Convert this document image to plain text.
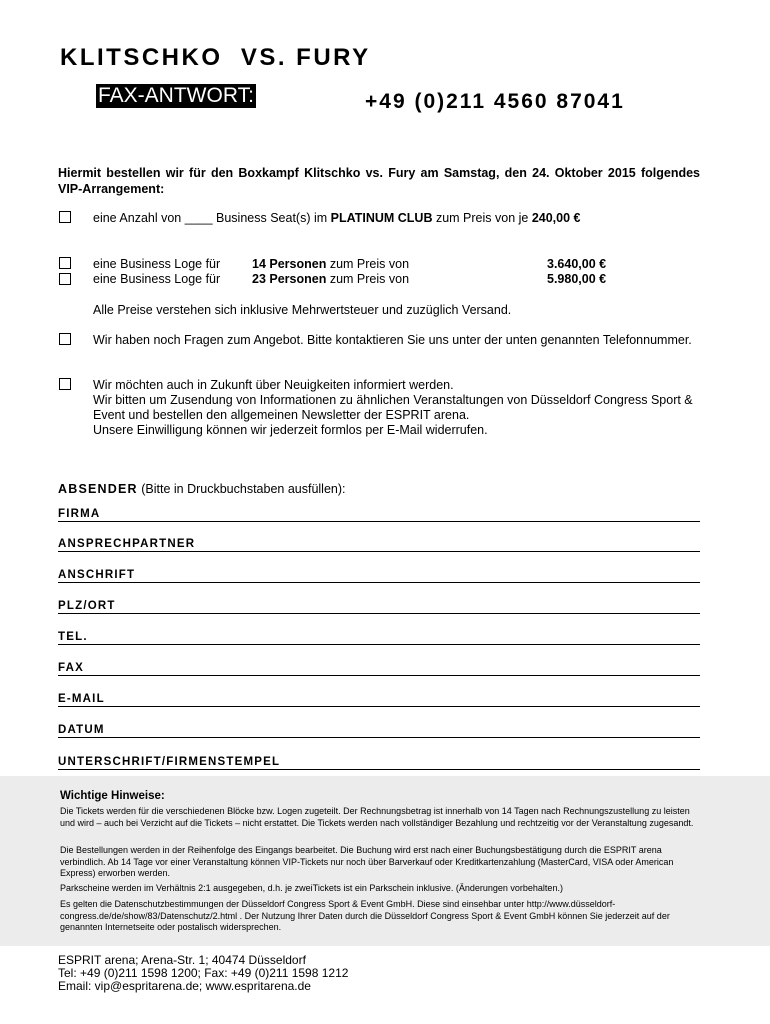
KLITSCHKO  VS. FURY
FAX-ANTWORT:	+49 (0)211 4560 87041
Hiermit bestellen wir für den Boxkampf Klitschko vs. Fury am Samstag, den 24. Oktober 2015 folgendes VIP-Arrangement:
eine Anzahl von ____ Business Seat(s) im PLATINUM CLUB zum Preis von je 240,00 €
eine Business Loge für	14 Personen zum Preis von	3.640,00 €
eine Business Loge für	23 Personen zum Preis von	5.980,00 €
Alle Preise verstehen sich inklusive Mehrwertsteuer und zuzüglich Versand.
Wir haben noch Fragen zum Angebot. Bitte kontaktieren Sie uns unter der unten genannten Telefonnummer.
Wir möchten auch in Zukunft über Neuigkeiten informiert werden.
Wir bitten um Zusendung von Informationen zu ähnlichen Veranstaltungen von Düsseldorf Congress Sport & Event und bestellen den allgemeinen Newsletter der ESPRIT arena.
Unsere Einwilligung können wir jederzeit formlos per E-Mail widerrufen.
ABSENDER (Bitte in Druckbuchstaben ausfüllen):
FIRMA
ANSPRECHPARTNER
ANSCHRIFT
PLZ/ORT
TEL.
FAX
E-MAIL
DATUM
UNTERSCHRIFT/FIRMENSTEMPEL
Wichtige Hinweise:
Die Tickets werden für die verschiedenen Blöcke bzw. Logen zugeteilt. Der Rechnungsbetrag ist innerhalb von 14 Tagen nach Rechnungszustellung zu leisten und wird – auch bei Verzicht auf die Tickets – nicht erstattet. Die Tickets werden nach vollständiger Bezahlung und rechtzeitig vor der Veranstaltung zugesandt.
Die Bestellungen werden in der Reihenfolge des Eingangs bearbeitet. Die Buchung wird erst nach einer Buchungsbestätigung durch die ESPRIT arena verbindlich. Ab 14 Tage vor einer Veranstaltung können VIP-Tickets nur noch über Barverkauf oder Kreditkartenzahlung (MasterCard, VISA oder American Express) erworben werden.
Parkscheine werden im Verhältnis 2:1 ausgegeben, d.h. je zweiTickets ist ein Parkschein inklusive. (Änderungen vorbehalten.)
Es gelten die Datenschutzbestimmungen der Düsseldorf Congress Sport & Event GmbH. Diese sind einsehbar unter http://www.düsseldorf-congress.de/de/show/83/Datenschutz/2.html . Der Nutzung Ihrer Daten durch die Düsseldorf Congress Sport & Event GmbH können Sie jederzeit auf der genannten Internetseite oder postalisch widersprechen.
ESPRIT arena; Arena-Str. 1; 40474 Düsseldorf
Tel: +49 (0)211 1598 1200; Fax: +49 (0)211 1598 1212
Email: vip@espritarena.de; www.espritarena.de
